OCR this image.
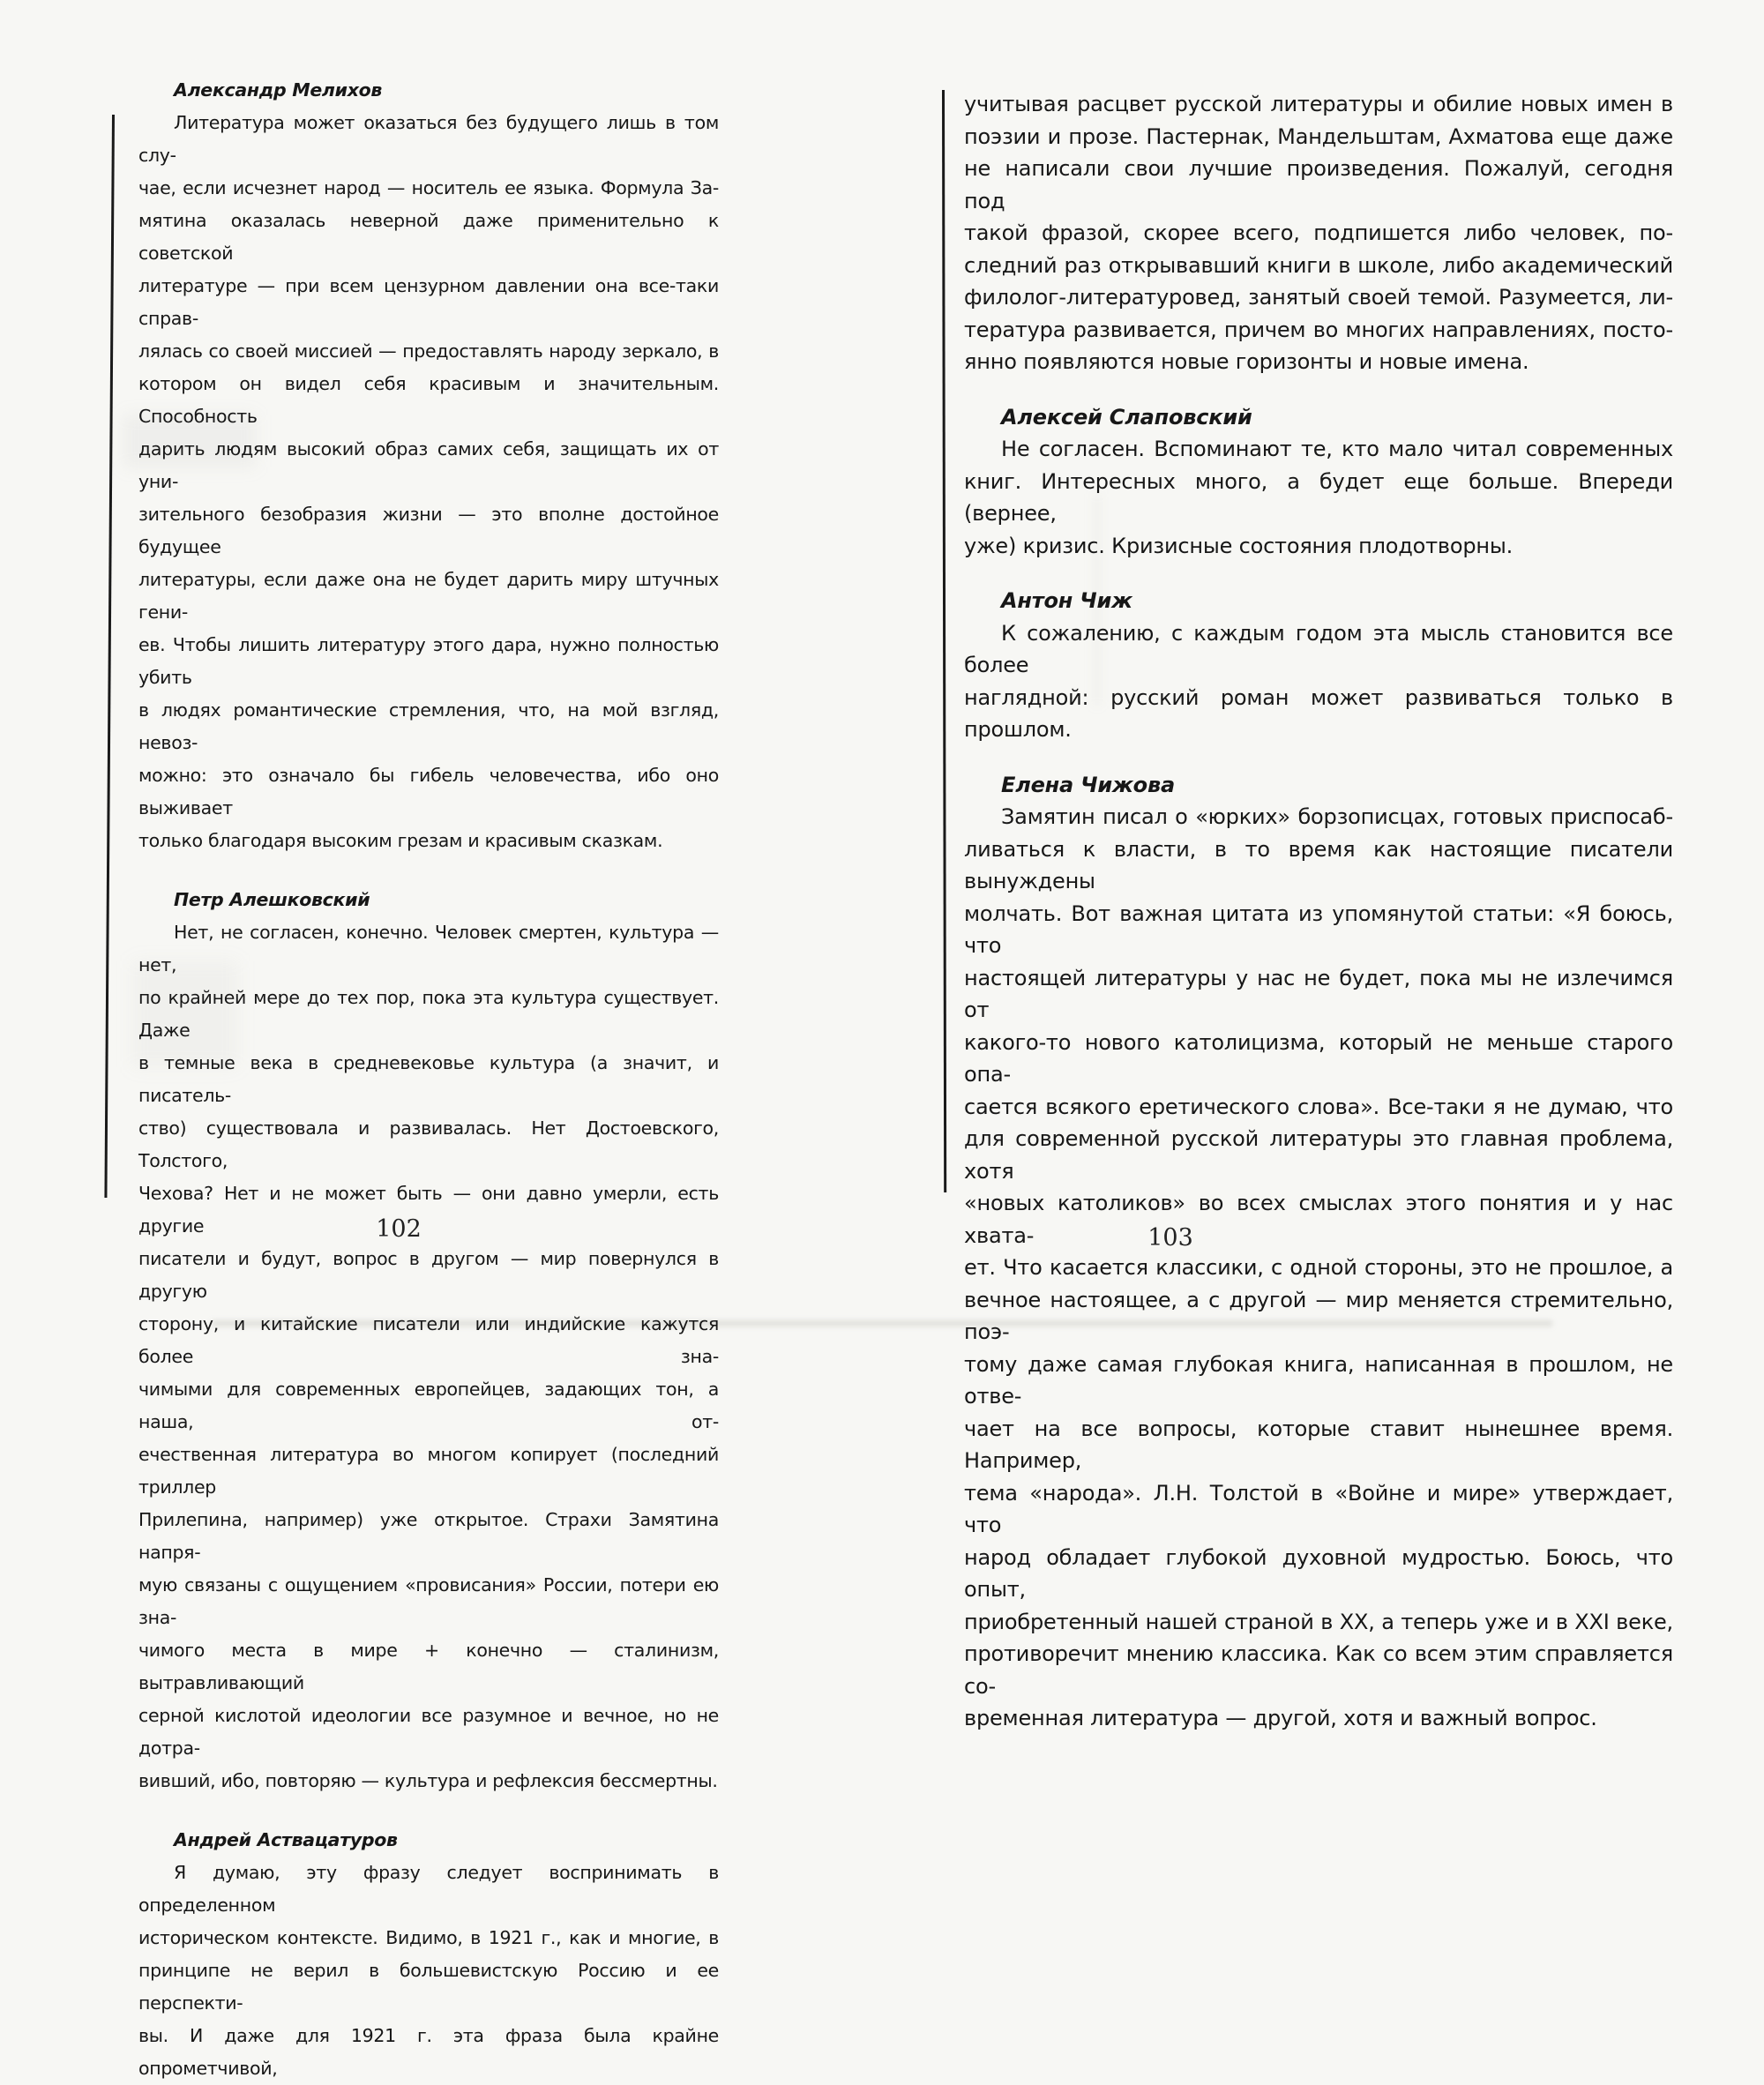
Александр Мелихов
Литература может оказаться без будущего лишь в том слу-
чае, если исчезнет народ — носитель ее языка. Формула За-
мятина оказалась неверной даже применительно к советской
литературе — при всем цензурном давлении она все-таки справ-
лялась со своей миссией — предоставлять народу зеркало, в
котором он видел себя красивым и значительным. Способность
дарить людям высокий образ самих себя, защищать их от уни-
зительного безобразия жизни — это вполне достойное будущее
литературы, если даже она не будет дарить миру штучных гени-
ев. Чтобы лишить литературу этого дара, нужно полностью убить
в людях романтические стремления, что, на мой взгляд, невоз-
можно: это означало бы гибель человечества, ибо оно выживает
только благодаря высоким грезам и красивым сказкам.
Петр Алешковский
Нет, не согласен, конечно. Человек смертен, культура — нет,
по крайней мере до тех пор, пока эта культура существует. Даже
в темные века в средневековье культура (а значит, и писатель-
ство) существовала и развивалась. Нет Достоевского, Толстого,
Чехова? Нет и не может быть — они давно умерли, есть другие
писатели и будут, вопрос в другом — мир повернулся в другую
сторону, и китайские писатели или индийские кажутся более зна-
чимыми для современных европейцев, задающих тон, а наша, от-
ечественная литература во многом копирует (последний триллер
Прилепина, например) уже открытое. Страхи Замятина напря-
мую связаны с ощущением «провисания» России, потери ею зна-
чимого места в мире + конечно — сталинизм, вытравливающий
серной кислотой идеологии все разумное и вечное, но не дотра-
вивший, ибо, повторяю — культура и рефлексия бессмертны.
Андрей Аствацатуров
Я думаю, эту фразу следует воспринимать в определенном
историческом контексте. Видимо, в 1921 г., как и многие, в
принципе не верил в большевистскую Россию и ее перспекти-
вы. И даже для 1921 г. эта фраза была крайне опрометчивой,
учитывая расцвет русской литературы и обилие новых имен в
поэзии и прозе. Пастернак, Мандельштам, Ахматова еще даже
не написали свои лучшие произведения. Пожалуй, сегодня под
такой фразой, скорее всего, подпишется либо человек, по-
следний раз открывавший книги в школе, либо академический
филолог-литературовед, занятый своей темой. Разумеется, ли-
тература развивается, причем во многих направлениях, посто-
янно появляются новые горизонты и новые имена.
Алексей Слаповский
Не согласен. Вспоминают те, кто мало читал современных
книг. Интересных много, а будет еще больше. Впереди (вернее,
уже) кризис. Кризисные состояния плодотворны.
Антон Чиж
К сожалению, с каждым годом эта мысль становится все более
наглядной: русский роман может развиваться только в прошлом.
Елена Чижова
Замятин писал о «юрких» борзописцах, готовых приспосаб-
ливаться к власти, в то время как настоящие писатели вынуждены
молчать. Вот важная цитата из упомянутой статьи: «Я боюсь, что
настоящей литературы у нас не будет, пока мы не излечимся от
какого-то нового католицизма, который не меньше старого опа-
сается всякого еретического слова». Все-таки я не думаю, что
для современной русской литературы это главная проблема, хотя
«новых католиков» во всех смыслах этого понятия и у нас хвата-
ет. Что касается классики, с одной стороны, это не прошлое, а
вечное настоящее, а с другой — мир меняется стремительно, поэ-
тому даже самая глубокая книга, написанная в прошлом, не отве-
чает на все вопросы, которые ставит нынешнее время. Например,
тема «народа». Л.Н. Толстой в «Войне и мире» утверждает, что
народ обладает глубокой духовной мудростью. Боюсь, что опыт,
приобретенный нашей страной в XX, а теперь уже и в XXI веке,
противоречит мнению классика. Как со всем этим справляется со-
временная литература — другой, хотя и важный вопрос.
102	103
